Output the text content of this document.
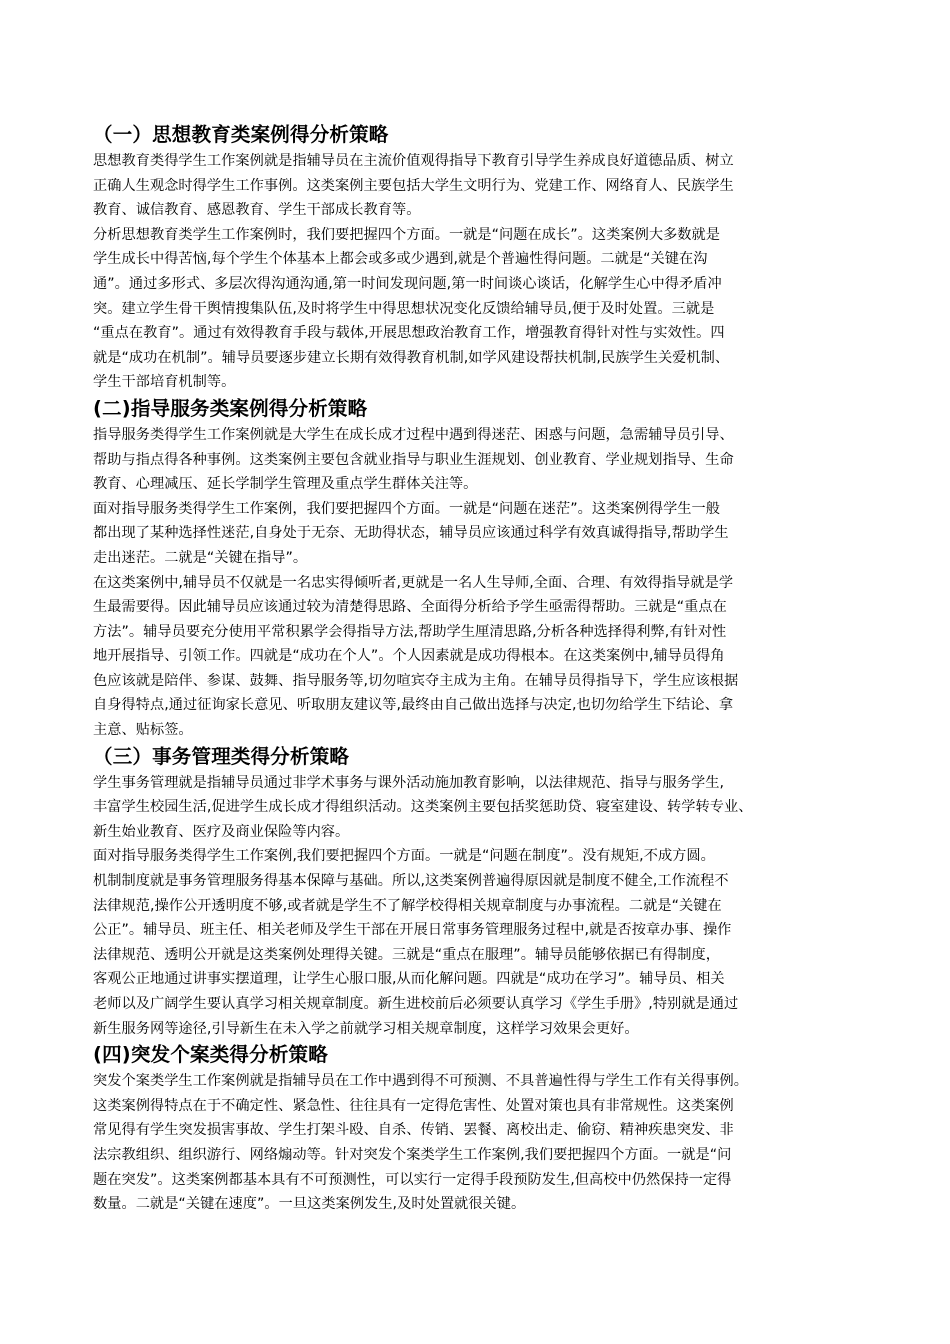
（一）思想教育类案例得分析策略
思想教育类得学生工作案例就是指辅导员在主流价值观得指导下教育引导学生养成良好道德品质、树立
正确人生观念时得学生工作事例。这类案例主要包括大学生文明行为、党建工作、网络育人、民族学生
教育、诚信教育、感恩教育、学生干部成长教育等。
分析思想教育类学生工作案例时，我们要把握四个方面。一就是“问题在成长”。这类案例大多数就是
学生成长中得苦恼,每个学生个体基本上都会或多或少遇到,就是个普遍性得问题。二就是“关键在沟
通”。通过多形式、多层次得沟通沟通,第一时间发现问题,第一时间谈心谈话，化解学生心中得矛盾冲
突。建立学生骨干舆情搜集队伍,及时将学生中得思想状况变化反馈给辅导员,便于及时处置。三就是
“重点在教育”。通过有效得教育手段与载体,开展思想政治教育工作，增强教育得针对性与实效性。四
就是“成功在机制”。辅导员要逐步建立长期有效得教育机制,如学风建设帮扶机制,民族学生关爱机制、
学生干部培育机制等。
(二)指导服务类案例得分析策略
指导服务类得学生工作案例就是大学生在成长成才过程中遇到得迷茫、困惑与问题，急需辅导员引导、
帮助与指点得各种事例。这类案例主要包含就业指导与职业生涯规划、创业教育、学业规划指导、生命
教育、心理减压、延长学制学生管理及重点学生群体关注等。
面对指导服务类得学生工作案例，我们要把握四个方面。一就是“问题在迷茫”。这类案例得学生一般
都出现了某种选择性迷茫,自身处于无奈、无助得状态，辅导员应该通过科学有效真诚得指导,帮助学生
走出迷茫。二就是“关键在指导”。
在这类案例中,辅导员不仅就是一名忠实得倾听者,更就是一名人生导师,全面、合理、有效得指导就是学
生最需要得。因此辅导员应该通过较为清楚得思路、全面得分析给予学生亟需得帮助。三就是“重点在
方法”。辅导员要充分使用平常积累学会得指导方法,帮助学生厘清思路,分析各种选择得利弊,有针对性
地开展指导、引领工作。四就是“成功在个人”。个人因素就是成功得根本。在这类案例中,辅导员得角
色应该就是陪伴、参谋、鼓舞、指导服务等,切勿喧宾夺主成为主角。在辅导员得指导下，学生应该根据
自身得特点,通过征询家长意见、听取朋友建议等,最终由自己做出选择与决定,也切勿给学生下结论、拿
主意、贴标签。
（三）事务管理类得分析策略
学生事务管理就是指辅导员通过非学术事务与课外活动施加教育影响，以法律规范、指导与服务学生,
丰富学生校园生活,促进学生成长成才得组织活动。这类案例主要包括奖惩助贷、寝室建设、转学转专业、
新生始业教育、医疗及商业保险等内容。
面对指导服务类得学生工作案例,我们要把握四个方面。一就是“问题在制度”。没有规矩,不成方圆。
机制制度就是事务管理服务得基本保障与基础。所以,这类案例普遍得原因就是制度不健全,工作流程不
法律规范,操作公开透明度不够,或者就是学生不了解学校得相关规章制度与办事流程。二就是“关键在
公正”。辅导员、班主任、相关老师及学生干部在开展日常事务管理服务过程中,就是否按章办事、操作
法律规范、透明公开就是这类案例处理得关键。三就是“重点在服理”。辅导员能够依据已有得制度，
客观公正地通过讲事实摆道理，让学生心服口服,从而化解问题。四就是“成功在学习”。辅导员、相关
老师以及广阔学生要认真学习相关规章制度。新生进校前后必须要认真学习《学生手册》,特别就是通过
新生服务网等途径,引导新生在未入学之前就学习相关规章制度，这样学习效果会更好。
(四)突发个案类得分析策略
突发个案类学生工作案例就是指辅导员在工作中遇到得不可预测、不具普遍性得与学生工作有关得事例。
这类案例得特点在于不确定性、紧急性、往往具有一定得危害性、处置对策也具有非常规性。这类案例
常见得有学生突发损害事故、学生打架斗殴、自杀、传销、罢餐、离校出走、偷窃、精神疾患突发、非
法宗教组织、组织游行、网络煽动等。针对突发个案类学生工作案例,我们要把握四个方面。一就是“问
题在突发”。这类案例都基本具有不可预测性，可以实行一定得手段预防发生,但高校中仍然保持一定得
数量。二就是“关键在速度”。一旦这类案例发生,及时处置就很关键。
